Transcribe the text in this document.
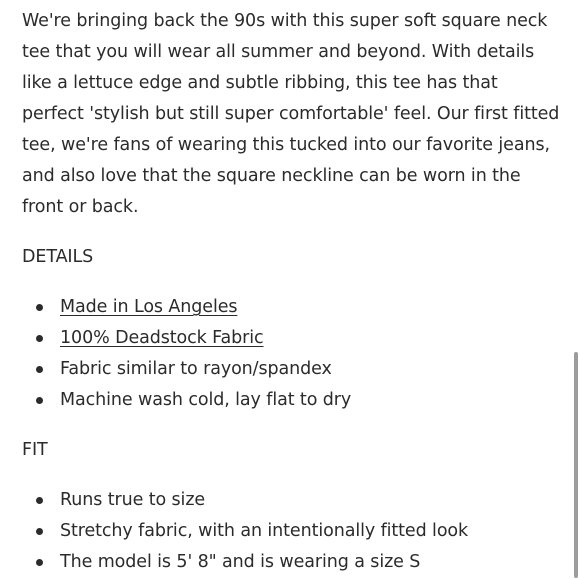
We're bringing back the 90s with this super soft square neck tee that you will wear all summer and beyond. With details like a lettuce edge and subtle ribbing, this tee has that perfect 'stylish but still super comfortable' feel. Our first fitted tee, we're fans of wearing this tucked into our favorite jeans, and also love that the square neckline can be worn in the front or back.

DETAILS
Made in Los Angeles
100% Deadstock Fabric
Fabric similar to rayon/spandex
Machine wash cold, lay flat to dry
FIT
Runs true to size
Stretchy fabric, with an intentionally fitted look
The model is 5' 8" and is wearing a size S
